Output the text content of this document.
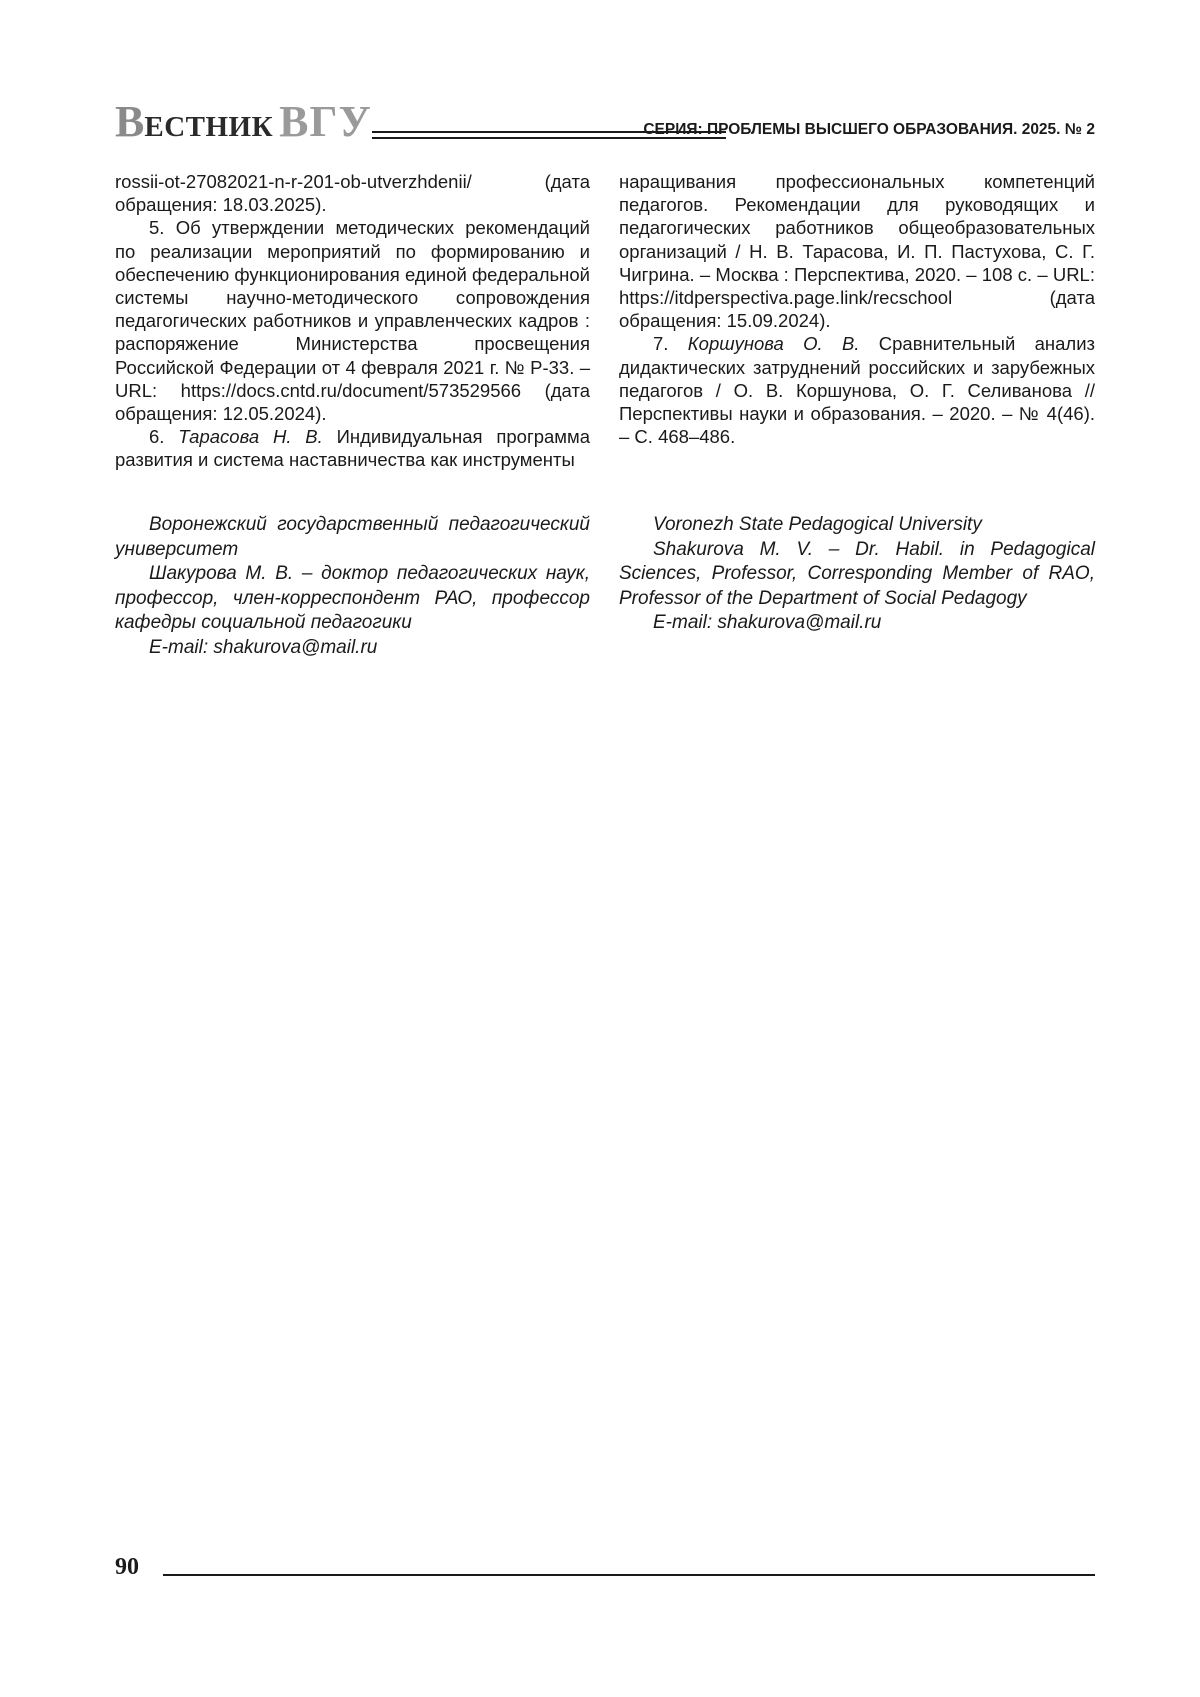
ВЕСТНИК ВГУ	СЕРИЯ: ПРОБЛЕМЫ ВЫСШЕГО ОБРАЗОВАНИЯ. 2025. № 2

rossii-ot-27082021-n-r-201-ob-utverzhdenii/ (дата обращения: 18.03.2025).

5. Об утверждении методических рекомендаций по реализации мероприятий по формированию и обеспечению функционирования единой федеральной системы научно-методического сопровождения педагогических работников и управленческих кадров : распоряжение Министерства просвещения Российской Федерации от 4 февраля 2021 г. № Р-33. – URL: https://docs.cntd.ru/document/573529566 (дата обращения: 12.05.2024).

6. Тарасова Н. В. Индивидуальная программа развития и система наставничества как инструменты

наращивания профессиональных компетенций педагогов. Рекомендации для руководящих и педагогических работников общеобразовательных организаций / Н. В. Тарасова, И. П. Пастухова, С. Г. Чигрина. – Москва : Перспектива, 2020. – 108 с. – URL: https://itdperspectiva.page.link/recschool (дата обращения: 15.09.2024).

7. Коршунова О. В. Сравнительный анализ дидактических затруднений российских и зарубежных педагогов / О. В. Коршунова, О. Г. Селиванова // Перспективы науки и образования. – 2020. – № 4(46). – С. 468–486.

Воронежский государственный педагогический университет

Шакурова М. В. – доктор педагогических наук, профессор, член-корреспондент РАО, профессор кафедры социальной педагогики

E-mail: shakurova@mail.ru

Voronezh State Pedagogical University

Shakurova M. V. – Dr. Habil. in Pedagogical Sciences, Professor, Corresponding Member of RAO, Professor of the Department of Social Pedagogy

E-mail: shakurova@mail.ru

90
